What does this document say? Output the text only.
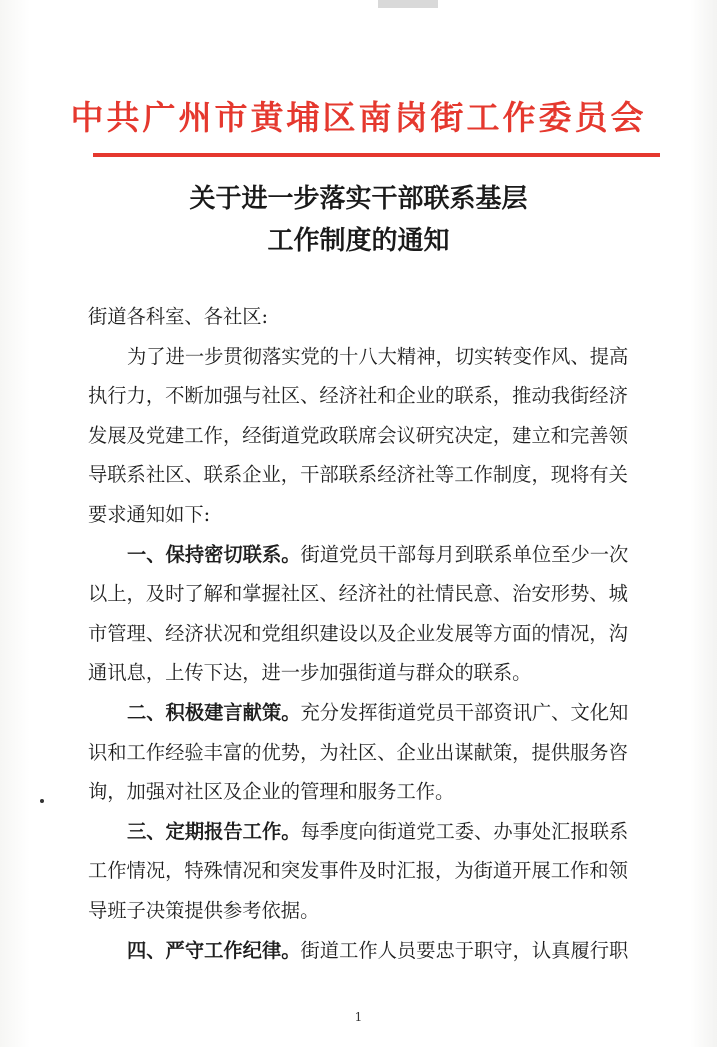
中共广州市黄埔区南岗街工作委员会
关于进一步落实干部联系基层
工作制度的通知
街道各科室、各社区:
为了进一步贯彻落实党的十八大精神，切实转变作风、提高
执行力，不断加强与社区、经济社和企业的联系，推动我街经济
发展及党建工作，经街道党政联席会议研究决定，建立和完善领
导联系社区、联系企业，干部联系经济社等工作制度，现将有关
要求通知如下:
一、保持密切联系。街道党员干部每月到联系单位至少一次
以上，及时了解和掌握社区、经济社的社情民意、治安形势、城
市管理、经济状况和党组织建设以及企业发展等方面的情况，沟
通讯息，上传下达，进一步加强街道与群众的联系。
二、积极建言献策。充分发挥街道党员干部资讯广、文化知
识和工作经验丰富的优势，为社区、企业出谋献策，提供服务咨
询，加强对社区及企业的管理和服务工作。
三、定期报告工作。每季度向街道党工委、办事处汇报联系
工作情况，特殊情况和突发事件及时汇报，为街道开展工作和领
导班子决策提供参考依据。
四、严守工作纪律。街道工作人员要忠于职守，认真履行职
1
